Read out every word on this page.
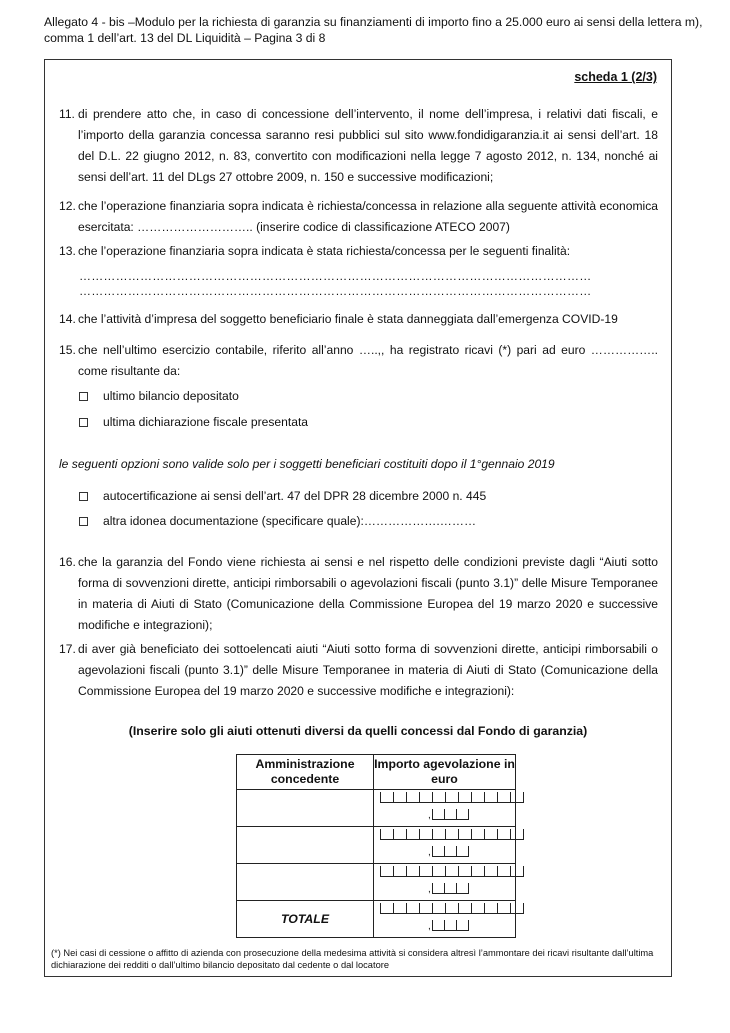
Allegato 4 - bis –Modulo per la richiesta di garanzia su finanziamenti di importo fino a 25.000 euro ai sensi della lettera m),
comma 1 dell’art. 13 del DL Liquidità – Pagina 3 di 8
scheda 1 (2/3)
11. di prendere atto che, in caso di concessione dell’intervento, il nome dell’impresa, i relativi dati fiscali, e l’importo della garanzia concessa saranno resi pubblici sul sito www.fondidigaranzia.it ai sensi dell’art. 18 del D.L. 22 giugno 2012, n. 83, convertito con modificazioni nella legge 7 agosto 2012, n. 134, nonché ai sensi dell’art. 11 del DLgs 27 ottobre 2009, n. 150 e successive modificazioni;
12. che l’operazione finanziaria sopra indicata è richiesta/concessa in relazione alla seguente attività economica esercitata: ……………………….. (inserire codice di classificazione ATECO 2007)
13. che l’operazione finanziaria sopra indicata è stata richiesta/concessa per le seguenti finalità:
………………………………………………………………………………………………………………
………………………………………………………………………………………………………………
14. che l’attività d’impresa del soggetto beneficiario finale è stata danneggiata dall’emergenza COVID-19
15. che nell’ultimo esercizio contabile, riferito all’anno …..,, ha registrato ricavi (*) pari ad euro …………….. come risultante da:
ultimo bilancio depositato
ultima dichiarazione fiscale presentata
le seguenti opzioni sono valide solo per i soggetti beneficiari costituiti dopo il 1°gennaio 2019
autocertificazione ai sensi dell’art. 47 del DPR 28 dicembre 2000 n. 445
altra idonea documentazione (specificare quale):……………….………
16. che la garanzia del Fondo viene richiesta ai sensi e nel rispetto delle condizioni previste dagli “Aiuti sotto forma di sovvenzioni dirette, anticipi rimborsabili o agevolazioni fiscali (punto 3.1)” delle Misure Temporanee in materia di Aiuti di Stato (Comunicazione della Commissione Europea del 19 marzo 2020 e successive modifiche e integrazioni);
17. di aver già beneficiato dei sottoelencati aiuti “Aiuti sotto forma di sovvenzioni dirette, anticipi rimborsabili o agevolazioni fiscali (punto 3.1)” delle Misure Temporanee in materia di Aiuti di Stato (Comunicazione della Commissione Europea del 19 marzo 2020 e successive modifiche e integrazioni):
(Inserire solo gli aiuti ottenuti diversi da quelli concessi dal Fondo di garanzia)
Amministrazione concedente	Importo agevolazione in euro

	,

	,

	,

TOTALE	,
(*) Nei casi di cessione o affitto di azienda con prosecuzione della medesima attività si considera altresì l’ammontare dei ricavi risultante dall’ultima dichiarazione dei redditi o dall’ultimo bilancio depositato dal cedente o dal locatore
